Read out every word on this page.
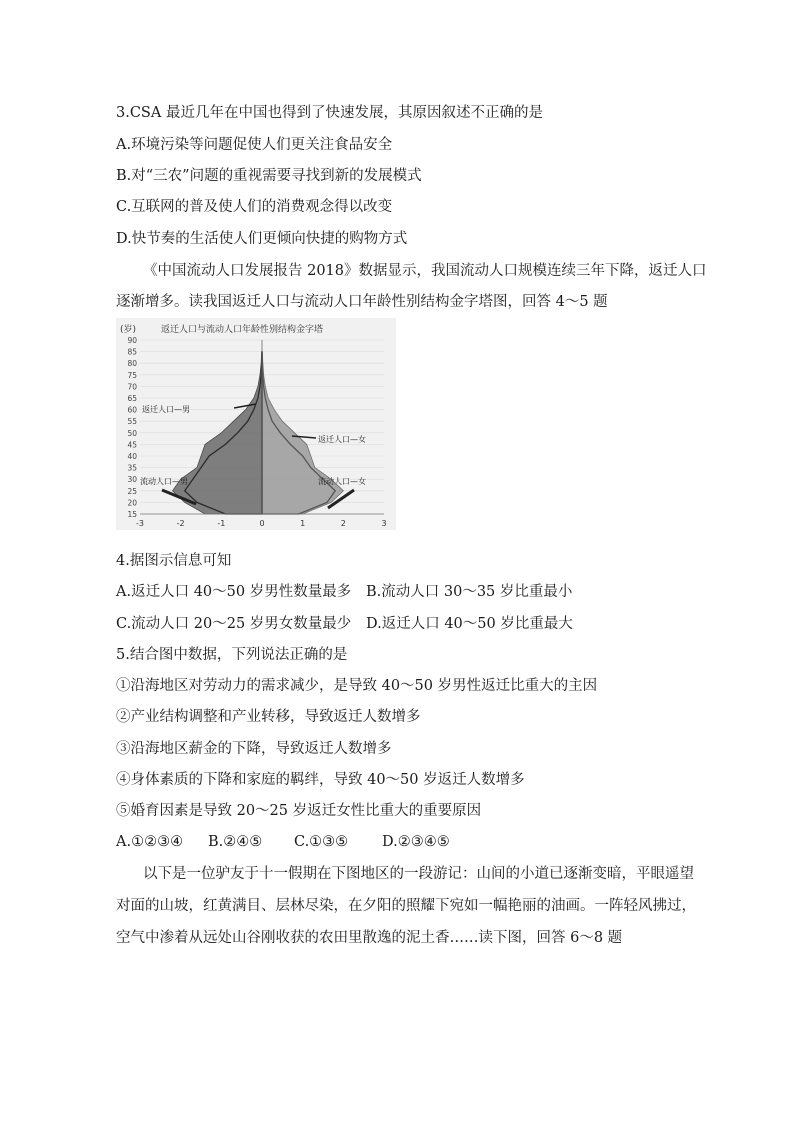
3.CSA 最近几年在中国也得到了快速发展，其原因叙述不正确的是
A.环境污染等问题促使人们更关注食品安全
B.对“三农”问题的重视需要寻找到新的发展模式
C.互联网的普及使人们的消费观念得以改变
D.快节奏的生活使人们更倾向快捷的购物方式
《中国流动人口发展报告 2018》数据显示，我国流动人口规模连续三年下降，返迁人口
逐渐增多。读我国返迁人口与流动人口年龄性别结构金字塔图，回答 4～5 题
90
85
80
75
70
65
60
55
50
45
40
35
30
25
20
15
-3	-2	-1	0	1	2	3
(岁)	返迁人口与流动人口年龄性别结构金字塔
返迁人口—男
返迁人口—女
流动人口—男	流动人口—女
4.据图示信息可知
A.返迁人口 40～50 岁男性数量最多 B.流动人口 30～35 岁比重最小
C.流动人口 20～25 岁男女数量最少 D.返迁人口 40～50 岁比重最大
5.结合图中数据，下列说法正确的是
①沿海地区对劳动力的需求减少，是导致 40～50 岁男性返迁比重大的主因
②产业结构调整和产业转移，导致返迁人数增多
③沿海地区薪金的下降，导致返迁人数增多
④身体素质的下降和家庭的羁绊，导致 40～50 岁返迁人数增多
⑤婚育因素是导致 20～25 岁返迁女性比重大的重要原因
A.①②③④ B.②④⑤ C.①③⑤ D.②③④⑤
以下是一位驴友于十一假期在下图地区的一段游记：山间的小道已逐渐变暗，平眼遥望
对面的山坡，红黄满目、层林尽染，在夕阳的照耀下宛如一幅艳丽的油画。一阵轻风拂过，
空气中渗着从远处山谷刚收获的农田里散逸的泥土香……读下图，回答 6～8 题
